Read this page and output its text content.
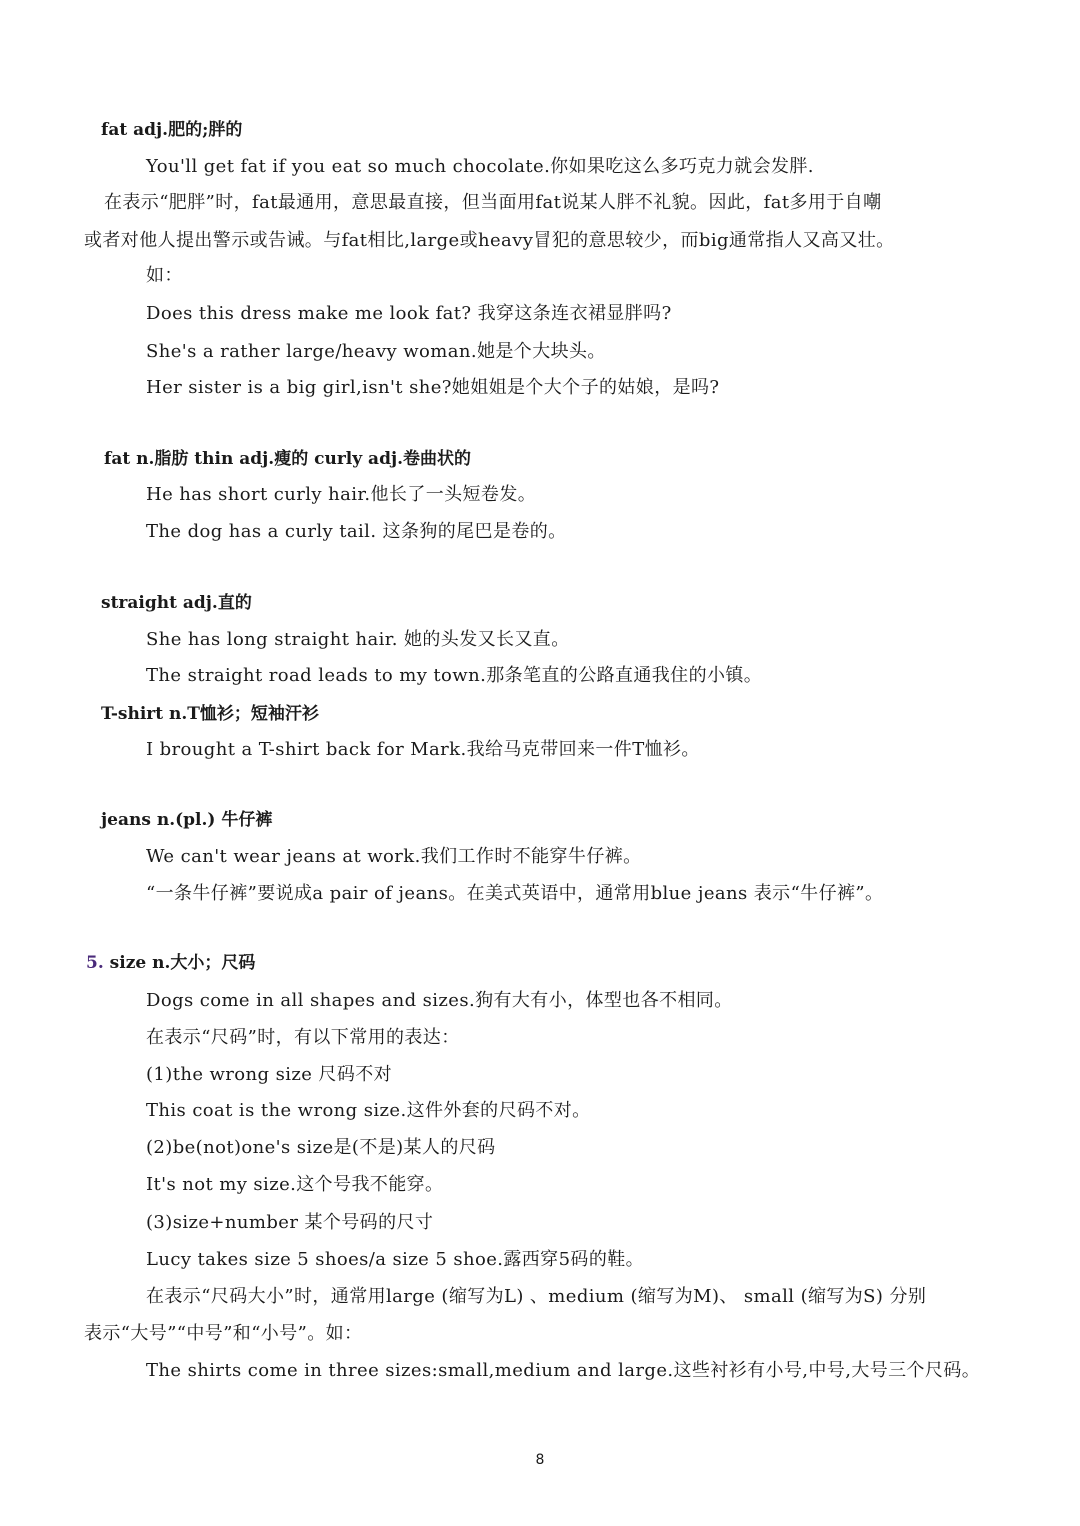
fat adj.肥的;胖的
You'll get fat if you eat so much chocolate.你如果吃这么多巧克力就会发胖.
在表示“肥胖”时，fat最通用，意思最直接，但当面用fat说某人胖不礼貌。因此，fat多用于自嘲
或者对他人提出警示或告诫。与fat相比,large或heavy冒犯的意思较少，而big通常指人又高又壮。
如：
Does this dress make me look fat? 我穿这条连衣裙显胖吗?
She's a rather large/heavy woman.她是个大块头。
Her sister is a big girl,isn't she?她姐姐是个大个子的姑娘，是吗?
fat n.脂肪 thin adj.瘦的 curly adj.卷曲状的
He has short curly hair.他长了一头短卷发。
The dog has a curly tail. 这条狗的尾巴是卷的。
straight adj.直的
She has long straight hair. 她的头发又长又直。
The straight road leads to my town.那条笔直的公路直通我住的小镇。
T-shirt n.T恤衫；短袖汗衫
I brought a T-shirt back for Mark.我给马克带回来一件T恤衫。
jeans n.(pl.) 牛仔裤
We can't wear jeans at work.我们工作时不能穿牛仔裤。
“一条牛仔裤”要说成a pair of jeans。在美式英语中，通常用blue jeans 表示“牛仔裤”。
5. size n.大小；尺码
Dogs come in all shapes and sizes.狗有大有小，体型也各不相同。
在表示“尺码”时，有以下常用的表达：
(1)the wrong size 尺码不对
This coat is the wrong size.这件外套的尺码不对。
(2)be(not)one's size是(不是)某人的尺码
It's not my size.这个号我不能穿。
(3)size+number 某个号码的尺寸
Lucy takes size 5 shoes/a size 5 shoe.露西穿5码的鞋。
在表示“尺码大小”时，通常用large (缩写为L) 、medium (缩写为M)、 small (缩写为S) 分别
表示“大号”“中号”和“小号”。如：
The shirts come in three sizes:small,medium and large.这些衬衫有小号,中号,大号三个尺码。
8
